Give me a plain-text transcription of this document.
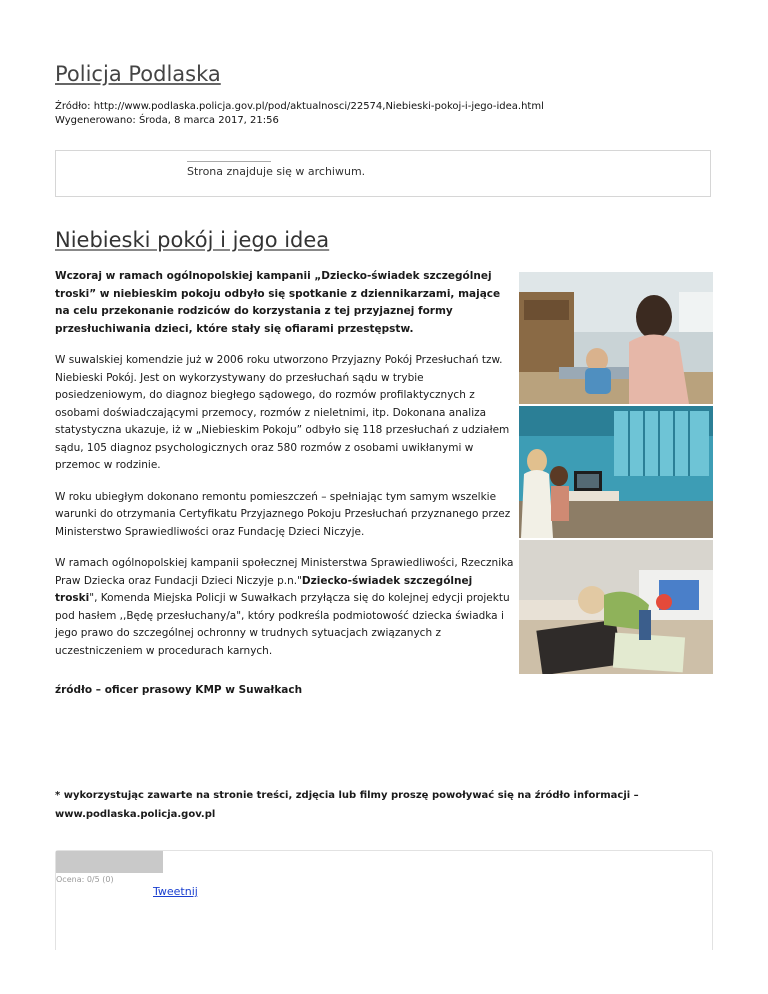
Policja Podlaska
Źródło: http://www.podlaska.policja.gov.pl/pod/aktualnosci/22574,Niebieski-pokoj-i-jego-idea.html
Wygenerowano: Środa, 8 marca 2017, 21:56
Strona znajduje się w archiwum.
Niebieski pokój i jego idea

Wczoraj w ramach ogólnopolskiej kampanii „Dziecko-świadek szczególnej troski” w niebieskim pokoju odbyło się spotkanie z dziennikarzami, mające na celu przekonanie rodziców do korzystania z tej przyjaznej formy przesłuchiwania dzieci, które stały się ofiarami przestępstw.

W suwalskiej komendzie już w 2006 roku utworzono Przyjazny Pokój Przesłuchań tzw. Niebieski Pokój. Jest on wykorzystywany do przesłuchań sądu w trybie posiedzeniowym, do diagnoz biegłego sądowego, do rozmów profilaktycznych z osobami doświadczającymi przemocy, rozmów z nieletnimi, itp. Dokonana analiza statystyczna ukazuje, iż w „Niebieskim Pokoju” odbyło się 118 przesłuchań z udziałem sądu, 105 diagnoz psychologicznych oraz 580 rozmów z osobami uwikłanymi w przemoc w rodzinie.

W roku ubiegłym dokonano remontu pomieszczeń – spełniając tym samym wszelkie warunki do otrzymania Certyfikatu Przyjaznego Pokoju Przesłuchań przyznanego przez Ministerstwo Sprawiedliwości oraz Fundację Dzieci Niczyje.

W ramach ogólnopolskiej kampanii społecznej Ministerstwa Sprawiedliwości, Rzecznika Praw Dziecka oraz Fundacji Dzieci Niczyje p.n."Dziecko-świadek szczególnej troski", Komenda Miejska Policji w Suwałkach przyłącza się do kolejnej edycji projektu pod hasłem ,,Będę przesłuchany/a", który podkreśla podmiotowość dziecka świadka i jego prawo do szczególnej ochronny w trudnych sytuacjach związanych z uczestniczeniem w procedurach karnych.

źródło – oficer prasowy KMP w Suwałkach

* wykorzystując zawarte na stronie treści, zdjęcia lub filmy proszę powoływać się na źródło informacji – www.podlaska.policja.gov.pl
Ocena: 0/5 (0)
Tweetnij
